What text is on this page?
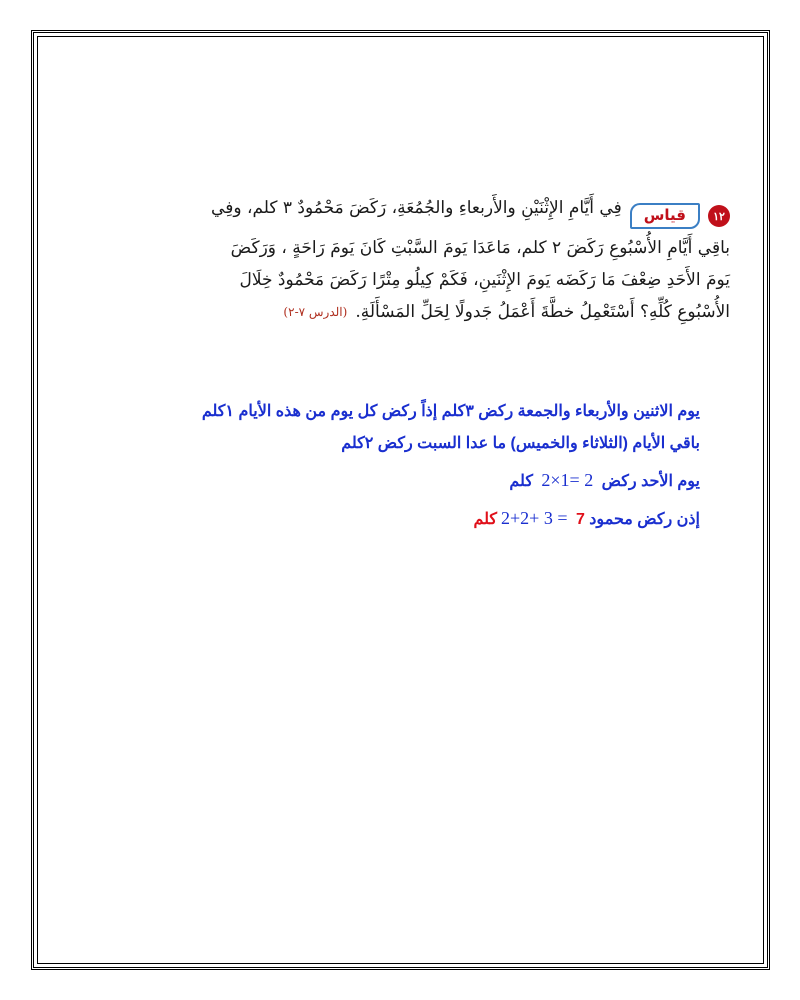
١٢
قياس
فِي أَيَّامِ الإِثْنَيْنِ والأَربعاءِ والجُمُعَةِ، رَكَضَ مَحْمُودٌ ٣ كلم، وفِي
باقِي أَيَّامِ الأُسْبُوعِ رَكَضَ ٢ كلم، مَاعَدَا يَومَ السَّبْتِ كَانَ يَومَ رَاحَةٍ ، وَرَكَضَ
يَومَ الأَحَدِ ضِعْفَ مَا رَكَضَه يَومَ الإِثْنَينِ، فَكَمْ كِيلُو مِتْرًا رَكَضَ مَحْمُودٌ خِلَالَ
الأُسْبُوعِ كُلِّهِ؟ أَسْتَعْمِلُ خطَّةَ أَعْمَلُ جَدولًا لِحَلِّ المَسْأَلَةِ.
(الدرس ٧-٢)
يوم الاثنين والأربعاء والجمعة ركض ٣كلم إذاً ركض كل يوم من هذه الأيام ١كلم
باقي الأيام (الثلاثاء والخميس) ما عدا السبت ركض ٢كلم
يوم الأحد ركض 2×1= 2 كلم
إذن ركض محمود 2+2+ 3 = 7كلم
